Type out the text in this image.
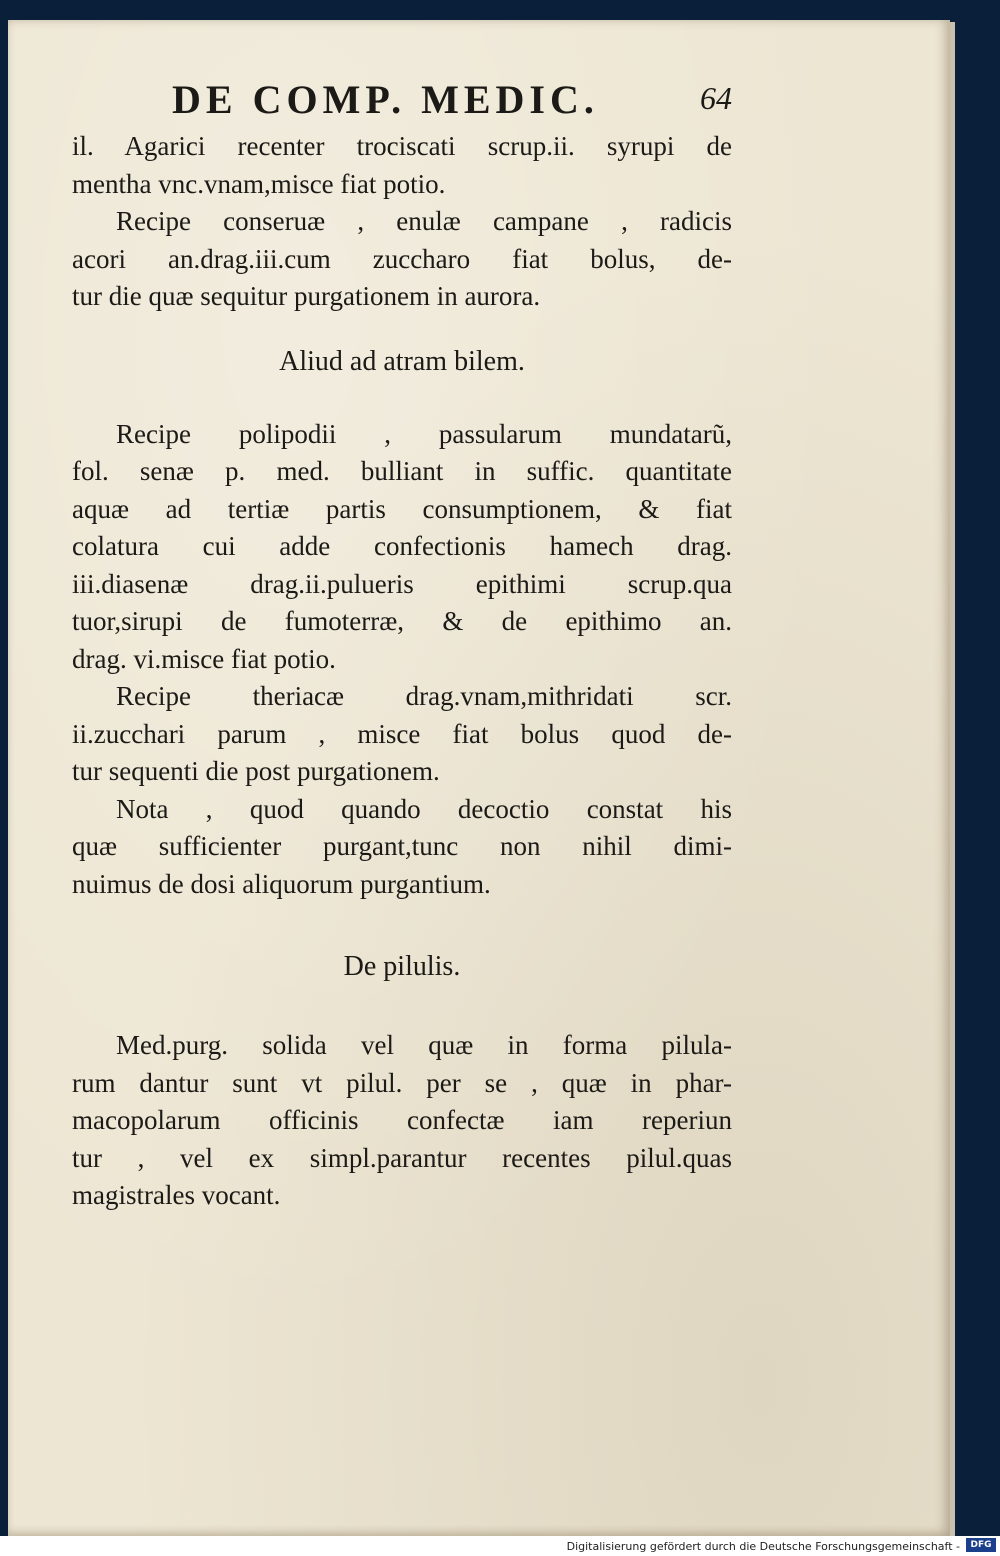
DE COMP. MEDIC.	64
il. Agarici recenter trociscati scrup.ii. syrupi de
mentha vnc.vnam,misce fiat potio.
Recipe conseruæ , enulæ campane , radicis
acori an.drag.iii.cum zuccharo fiat bolus, de-
tur die quæ sequitur purgationem in aurora.
Aliud ad atram bilem.
Recipe polipodii , passularum mundatarũ,
fol. senæ p. med. bulliant in suffic. quantitate
aquæ ad tertiæ partis consumptionem, & fiat
colatura cui adde confectionis hamech drag.
iii.diasenæ drag.ii.pulueris epithimi scrup.qua
tuor,sirupi de fumoterræ, & de epithimo an.
drag. vi.misce fiat potio.
Recipe theriacæ drag.vnam,mithridati scr.
ii.zucchari parum , misce fiat bolus quod de-
tur sequenti die post purgationem.
Nota , quod quando decoctio constat his
quæ sufficienter purgant,tunc non nihil dimi-
nuimus de dosi aliquorum purgantium.
De pilulis.
Med.purg. solida vel quæ in forma pilula-
rum dantur sunt vt pilul. per se , quæ in phar-
macopolarum officinis confectæ iam reperiun
tur , vel ex simpl.parantur recentes pilul.quas
magistrales vocant.
Digitalisierung gefördert durch die Deutsche Forschungsgemeinschaft -	DFG
